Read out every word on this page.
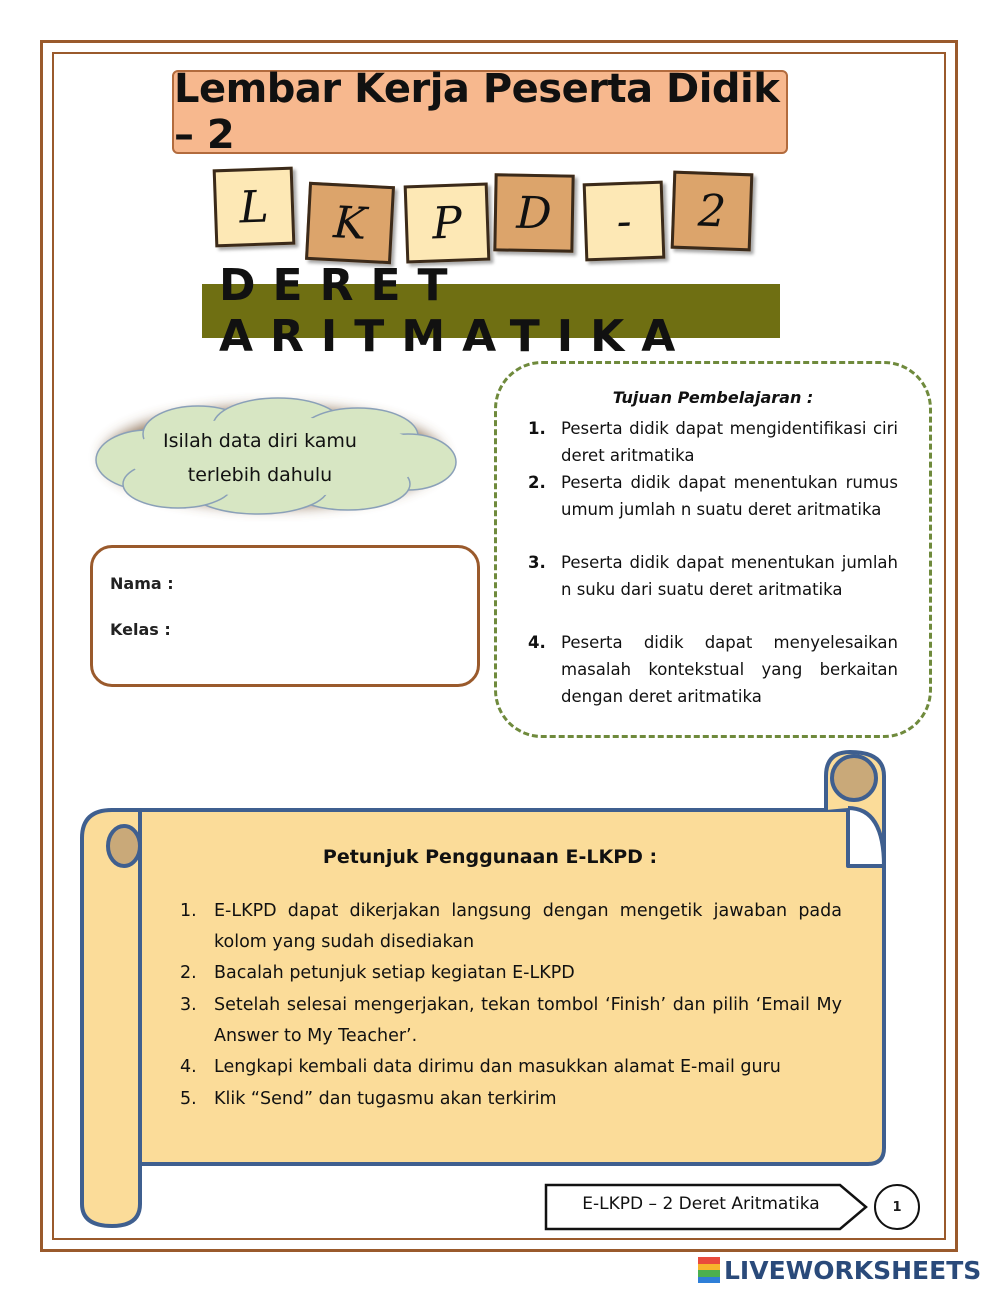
Lembar Kerja Peserta Didik – 2
L	K	P	D	-	2
DERET ARITMATIKA
Isilah data diri kamu
terlebih dahulu
Nama :
Kelas :
Tujuan Pembelajaran :
1. Peserta didik dapat mengidentifikasi ciri deret aritmatika
2. Peserta didik dapat menentukan rumus umum jumlah n suatu deret aritmatika
3. Peserta didik dapat menentukan jumlah n suku dari suatu deret aritmatika
4. Peserta didik dapat menyelesaikan masalah kontekstual yang berkaitan dengan deret aritmatika
Petunjuk Penggunaan E-LKPD :
1. E-LKPD dapat dikerjakan langsung dengan mengetik jawaban pada kolom yang sudah disediakan
2. Bacalah petunjuk setiap kegiatan E-LKPD
3. Setelah selesai mengerjakan, tekan tombol ‘Finish’ dan pilih ‘Email My Answer to My Teacher’.
4. Lengkapi kembali data dirimu dan masukkan alamat E-mail guru
5. Klik “Send” dan tugasmu akan terkirim
E-LKPD – 2 Deret Aritmatika	1
LIVEWORKSHEETS
